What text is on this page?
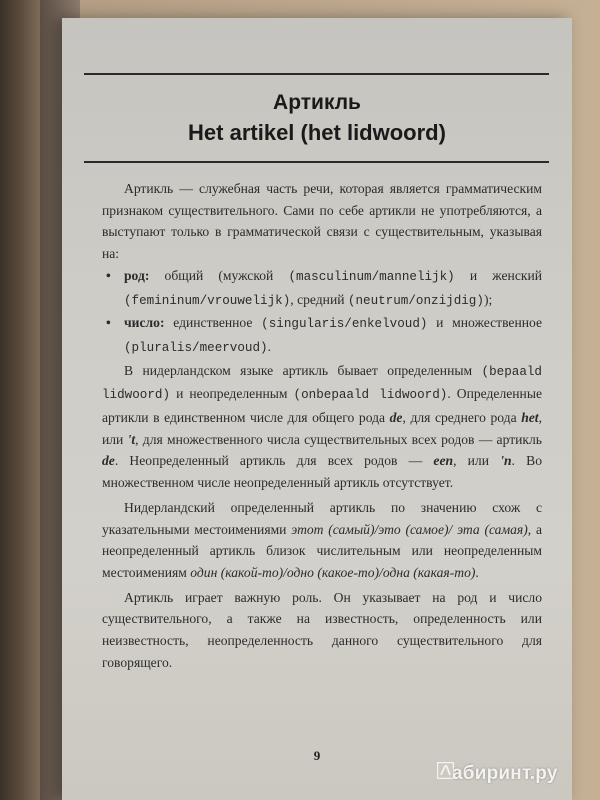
Артикль
Het artikel (het lidwoord)

Артикль — служебная часть речи, которая является грамматическим признаком существительного. Сами по себе артикли не употребляются, а выступают только в грамматической связи с существительным, указывая на:

• род: общий (мужской (masculinum/mannelijk) и женский (femininum/vrouwelijk), средний (neutrum/onzijdig));

• число: единственное (singularis/enkelvoud) и множественное (pluralis/meervoud).

В нидерландском языке артикль бывает определенным (bepaald lidwoord) и неопределенным (onbepaald lidwoord). Определенные артикли в единственном числе для общего рода de, для среднего рода het, или 't, для множественного числа существительных всех родов — артикль de. Неопределенный артикль для всех родов — een, или 'n. Во множественном числе неопределенный артикль отсутствует.

Нидерландский определенный артикль по значению схож с указательными местоимениями этот (самый)/это (самое)/ эта (самая), а неопределенный артикль близок числительным или неопределенным местоимениям один (какой-то)/одно (какое-то)/одна (какая-то).

Артикль играет важную роль. Он указывает на род и число существительного, а также на известность, определенность или неизвестность, неопределенность данного существительного для говорящего.

9
абиринт.ру
